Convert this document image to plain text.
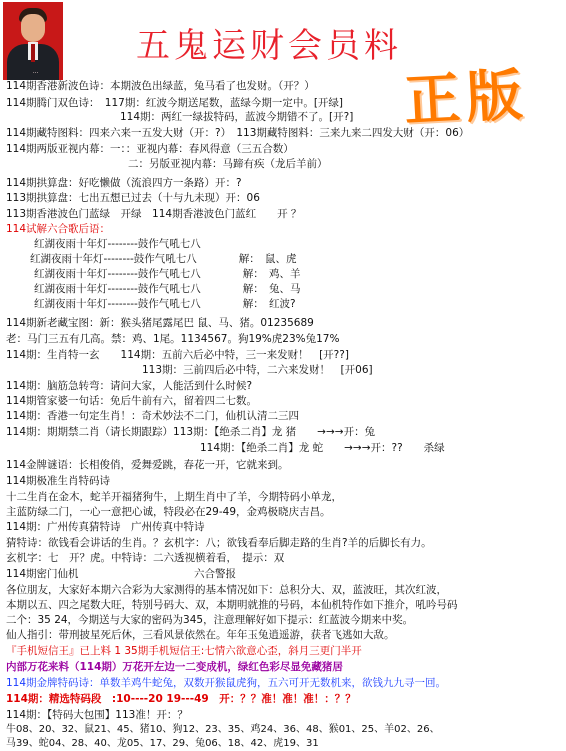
...
五鬼运财会员料
正版
114期香港新波色诗：本期波色出绿蓝，兔马看了也发财。（开？）
114期腾门双色诗：　117期：红波今期送尾数，蓝绿今期一定中。[开绿]
114期：两红一绿拔特码，蓝波今期错不了。[开?]
114期藏特图料：四来六来一五发大财（开：?）　113期藏特图料：三来九来二四发大财（开：06）
114期两版亚视内幕：一：：亚视内幕：春风得意（三五合数）
二：另版亚视内幕：马蹄有疾（龙后羊前）
114期拱算盘：好吃懒做（流浪四方一条路）开：?
113期拱算盘：七出五想已过去（十与九未现）开：06
113期香港波色门蓝绿　开绿　114期香港波色门蓝红　　开 ？
114试解六合歌后语：
红湖夜雨十年灯--------鼓作气吼七八
红湖夜雨十年灯--------鼓作气吼七八　　　　解：　鼠、虎
红湖夜雨十年灯--------鼓作气吼七八　　　　解：　鸡、羊
红湖夜雨十年灯--------鼓作气吼七八　　　　解：　兔、马
红湖夜雨十年灯--------鼓作气吼七八　　　　解：　红波?
114期新老藏宝图：新：猴头猪尾露尾巴 鼠、马、猪。01235689
老：马门三五有几高。禁：鸡、1尾。1134567。狗19%虎23%兔17%
114期：生肖特一玄　　114期：五前六后必中特，三一来发财！　[开??]
113期：三前四后必中特，二六来发财！　[开06]
114期：脑筋急转弯：请问大家，人能活到什么时候?
114期管家婆一句话：免后牛前有六，留着四二七数。
114期：香港一句定生肖！：奇术妙法不二门，仙机认清二三四
114期：期期禁二肖（请长期跟踪）113期：【绝杀二肖】龙 猪　　→→→开：兔
114期：【绝杀二肖】龙 蛇　　→→→开：??　　杀绿
114金牌谜语：长相俊俏，爱舞爱跳，春花一开，它就来到。
114期极准生肖特码诗
十二生肖在金木，蛇羊开福猪狗牛，上期生肖中了羊，今期特码小单龙，
主蓝防绿二门，一心一意把心诚，特段必在29-49，金鸡极晓庆吉昌。
114期：广州传真猜特诗　广州传真中特诗
猜特诗：欲钱看会讲话的生肖。？玄机字：八；欲钱看奉后脚走路的生肖?羊的后脚长有力。
玄机字：七　开？虎。中特诗：二六透视横着看，　提示：双
114期密门仙机　　　　　　　　　　　六合警报
各位朋友，大家好本期六合彩为大家测得的基本情况如下：总积分大、双，蓝波旺，其次红波，
本期以五、四之尾数大旺，特别号码大、双，本期明就推的号码，本仙机特作如下推介，吼吟号码
二个：35 24，今期送与大家的密码为345，注意理解好如下提示：红蓝波今期来中奖。
仙人指引：带刑披星死后休，三看风景依然在。年年玉兔逍遥游，获者飞逃如大敌。
『手机短信王』已上料 1 35期手机短信王:七情六欲意心歪，斜月三更门半开
内部万花来料（114期）万花开左边一二变成机，绿红色彩尽显免藏猪居
114期金牌特码诗：单数羊鸡牛蛇兔，双数开猴鼠虎狗，五六可开无数机来，欲钱九九寻一回。
114期：精选特码段　:10----20 19---49　开：？？准！准！准！：？？
114期：【特码大包围】113准！开：？
牛08、20、32、鼠21、45、猪10、狗12、23、35、鸡24、36、48、猴01、25、羊02、26、
马39、蛇04、28、40、龙05、17、29、兔06、18、42、虎19、31
